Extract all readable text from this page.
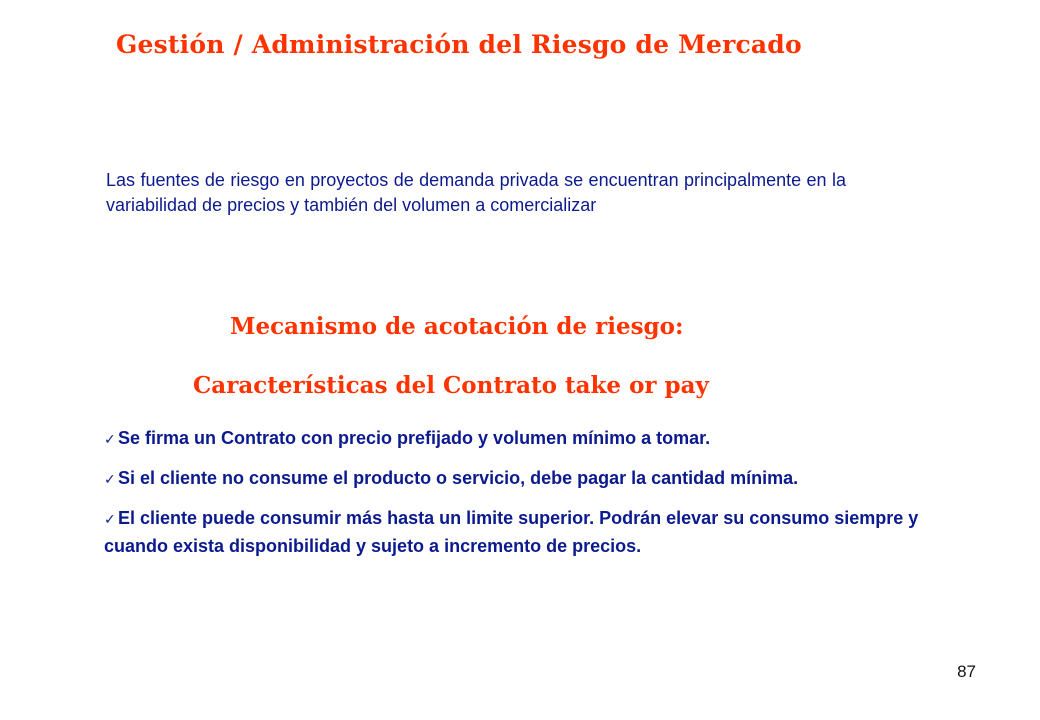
Gestión / Administración del Riesgo de Mercado
Las fuentes de riesgo en proyectos de demanda privada se encuentran principalmente en la variabilidad de precios y también del volumen a comercializar
Mecanismo de acotación de riesgo:
Características del Contrato take or pay
✓ Se firma un Contrato con precio prefijado y volumen mínimo a tomar.
✓ Si el cliente no consume el producto o servicio, debe pagar la cantidad mínima.
✓ El cliente puede consumir más hasta un limite superior. Podrán elevar su consumo siempre y cuando exista disponibilidad y sujeto a incremento de precios.
87
